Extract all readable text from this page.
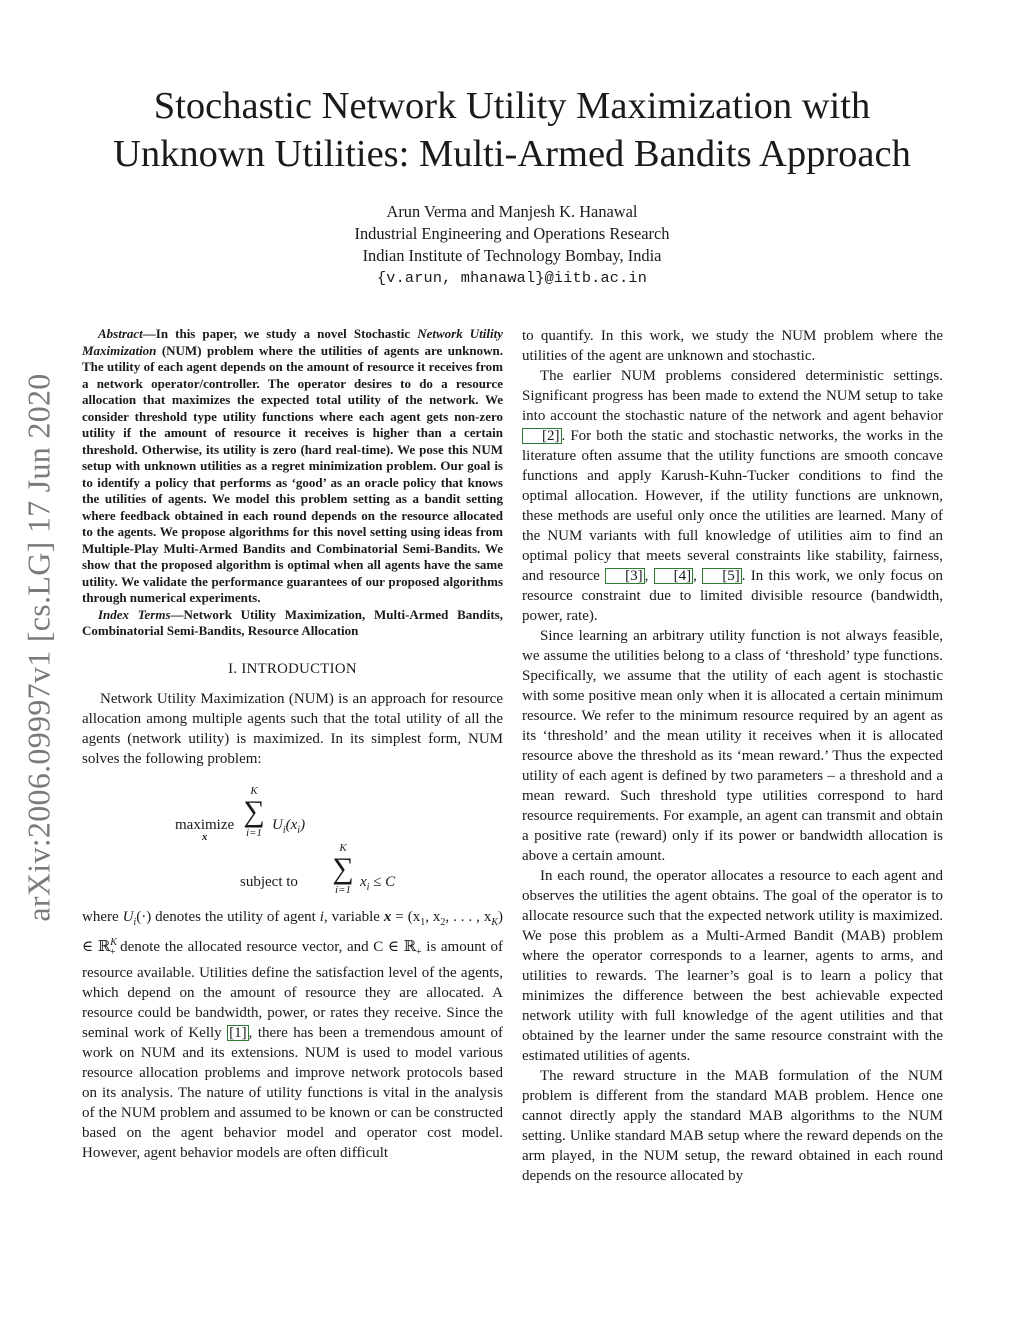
arXiv:2006.09997v1 [cs.LG] 17 Jun 2020
Stochastic Network Utility Maximization with
Unknown Utilities: Multi-Armed Bandits Approach
Arun Verma and Manjesh K. Hanawal
Industrial Engineering and Operations Research
Indian Institute of Technology Bombay, India
{v.arun, mhanawal}@iitb.ac.in

Abstract—In this paper, we study a novel Stochastic Network Utility Maximization (NUM) problem where the utilities of agents are unknown. The utility of each agent depends on the amount of resource it receives from a network operator/controller. The operator desires to do a resource allocation that maximizes the expected total utility of the network. We consider threshold type utility functions where each agent gets non-zero utility if the amount of resource it receives is higher than a certain threshold. Otherwise, its utility is zero (hard real-time). We pose this NUM setup with unknown utilities as a regret minimization problem. Our goal is to identify a policy that performs as ‘good’ as an oracle policy that knows the utilities of agents. We model this problem setting as a bandit setting where feedback obtained in each round depends on the resource allocated to the agents. We propose algorithms for this novel setting using ideas from Multiple-Play Multi-Armed Bandits and Combinatorial Semi-Bandits. We show that the proposed algorithm is optimal when all agents have the same utility. We validate the performance guarantees of our proposed algorithms through numerical experiments.

Index Terms—Network Utility Maximization, Multi-Armed Bandits, Combinatorial Semi-Bandits, Resource Allocation

I. INTRODUCTION

Network Utility Maximization (NUM) is an approach for resource allocation among multiple agents such that the total utility of all the agents (network utility) is maximized. In its simplest form, NUM solves the following problem:

maximize
$^x$
K
∑
i=1 $U_i(x_i)$
subject to
K
∑
i=1 $x_i \le C$

where $U_i(\cdot)$ denotes the utility of agent i, variable $x = (x_1$, $x_2$, . . . , $x_K$) ∈ ℝ$^K_+$ denote the allocated resource vector, and C ∈ ℝ$_+$ is amount of resource available. Utilities define the satisfaction level of the agents, which depend on the amount of resource they are allocated. A resource could be bandwidth, power, or rates they receive. Since the seminal work of Kelly [1] , there has been a tremendous amount of work on NUM and its extensions. NUM is used to model various resource allocation problems and improve network protocols based on its analysis. The nature of utility functions is vital in the analysis of the NUM problem and assumed to be known or can be constructed based on the agent behavior model and operator cost model. However, agent behavior models are often difficult

to quantify. In this work, we study the NUM problem where the utilities of the agent are unknown and stochastic.

The earlier NUM problems considered deterministic settings. Significant progress has been made to extend the NUM setup to take into account the stochastic nature of the network and agent behavior [2] . For both the static and stochastic networks, the works in the literature often assume that the utility functions are smooth concave functions and apply Karush-Kuhn-Tucker conditions to find the optimal allocation. However, if the utility functions are unknown, these methods are useful only once the utilities are learned. Many of the NUM variants with full knowledge of utilities aim to find an optimal policy that meets several constraints like stability, fairness, and resource [3] , [4] , [5] . In this work, we only focus on resource constraint due to limited divisible resource (bandwidth, power, rate).

Since learning an arbitrary utility function is not always feasible, we assume the utilities belong to a class of ‘threshold’ type functions. Specifically, we assume that the utility of each agent is stochastic with some positive mean only when it is allocated a certain minimum resource. We refer to the minimum resource required by an agent as its ‘threshold’ and the mean utility it receives when it is allocated resource above the threshold as its ‘mean reward.’ Thus the expected utility of each agent is defined by two parameters – a threshold and a mean reward. Such threshold type utilities correspond to hard resource requirements. For example, an agent can transmit and obtain a positive rate (reward) only if its power or bandwidth allocation is above a certain amount.

In each round, the operator allocates a resource to each agent and observes the utilities the agent obtains. The goal of the operator is to allocate resource such that the expected network utility is maximized. We pose this problem as a Multi-Armed Bandit (MAB) problem where the operator corresponds to a learner, agents to arms, and utilities to rewards. The learner’s goal is to learn a policy that minimizes the difference between the best achievable expected network utility with full knowledge of the agent utilities and that obtained by the learner under the same resource constraint with the estimated utilities of agents.

The reward structure in the MAB formulation of the NUM problem is different from the standard MAB problem. Hence one cannot directly apply the standard MAB algorithms to the NUM setting. Unlike standard MAB setup where the reward depends on the arm played, in the NUM setup, the reward obtained in each round depends on the resource allocated by
